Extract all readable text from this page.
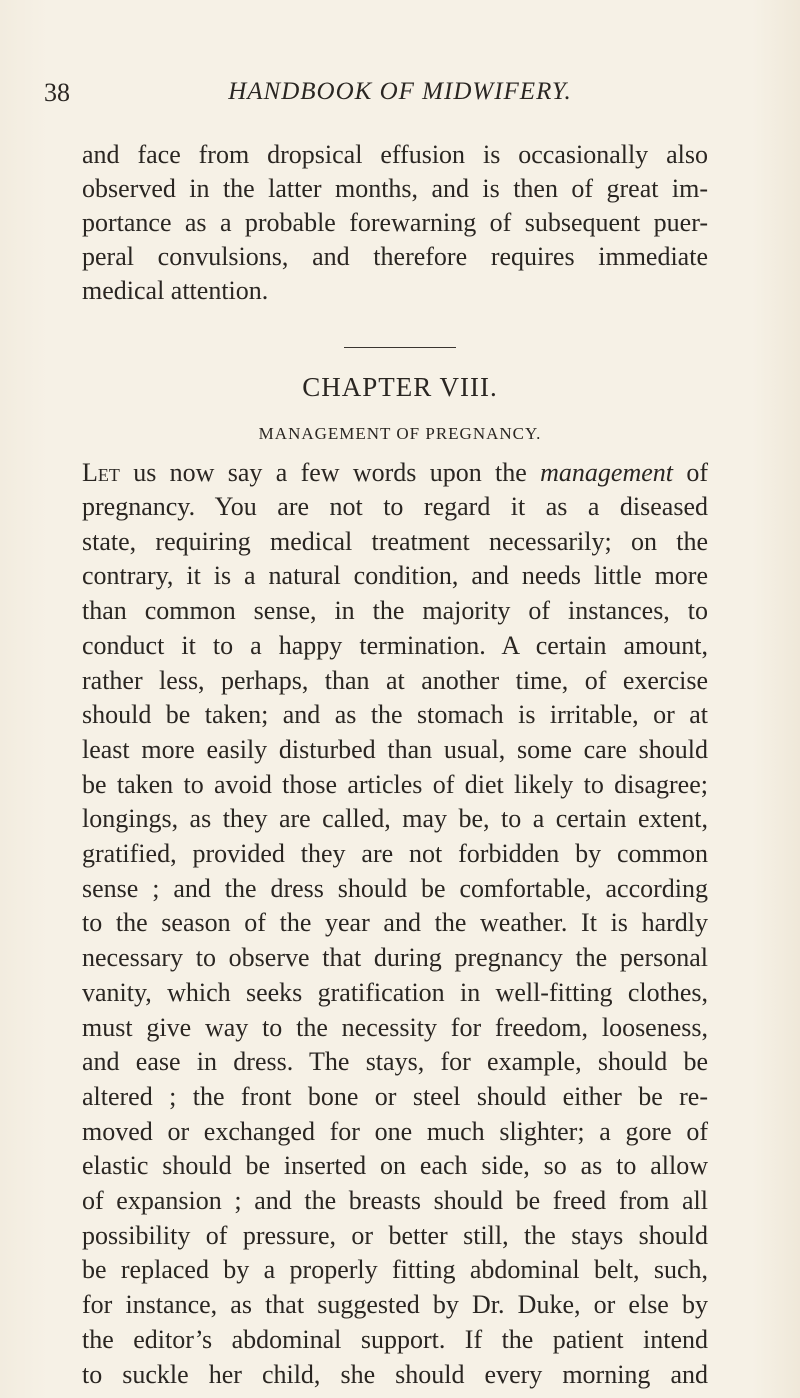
38	HANDBOOK OF MIDWIFERY.
and face from dropsical effusion is occasionally also
observed in the latter months, and is then of great im-
portance as a probable forewarning of subsequent puer-
peral convulsions, and therefore requires immediate
medical attention.
CHAPTER VIII.
MANAGEMENT OF PREGNANCY.
Let us now say a few words upon the management of
pregnancy. You are not to regard it as a diseased
state, requiring medical treatment necessarily; on the
contrary, it is a natural condition, and needs little more
than common sense, in the majority of instances, to
conduct it to a happy termination. A certain amount,
rather less, perhaps, than at another time, of exercise
should be taken; and as the stomach is irritable, or at
least more easily disturbed than usual, some care should
be taken to avoid those articles of diet likely to disagree;
longings, as they are called, may be, to a certain extent,
gratified, provided they are not forbidden by common
sense ; and the dress should be comfortable, according
to the season of the year and the weather. It is hardly
necessary to observe that during pregnancy the personal
vanity, which seeks gratification in well-fitting clothes,
must give way to the necessity for freedom, looseness,
and ease in dress. The stays, for example, should be
altered ; the front bone or steel should either be re-
moved or exchanged for one much slighter; a gore of
elastic should be inserted on each side, so as to allow
of expansion ; and the breasts should be freed from all
possibility of pressure, or better still, the stays should
be replaced by a properly fitting abdominal belt, such,
for instance, as that suggested by Dr. Duke, or else by
the editor’s abdominal support. If the patient intend
to suckle her child, she should every morning and
